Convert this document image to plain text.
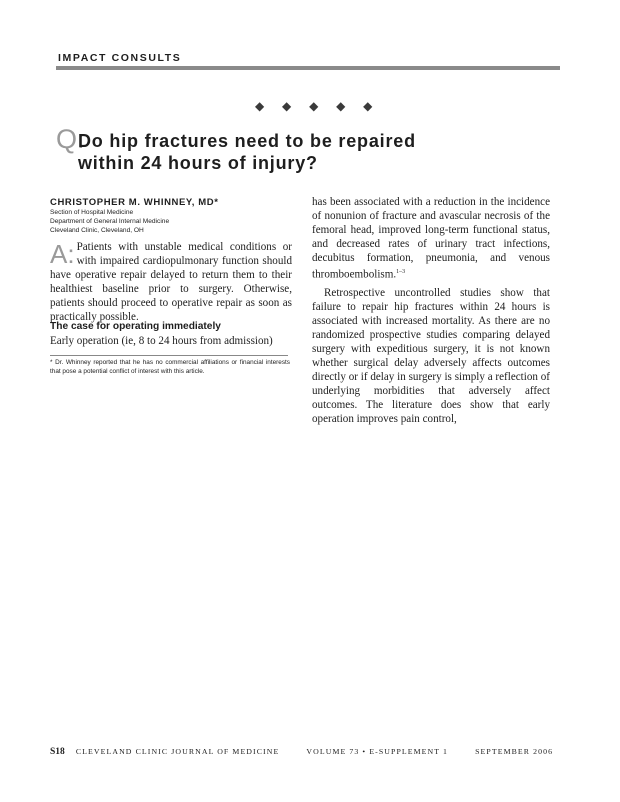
IMPACT CONSULTS
◆ ◆ ◆ ◆ ◆
Q:
Do hip fractures need to be repaired within 24 hours of injury?
CHRISTOPHER M. WHINNEY, MD*
Section of Hospital Medicine
Department of General Internal Medicine
Cleveland Clinic, Cleveland, OH
A: Patients with unstable medical conditions or with impaired cardiopulmonary function should have operative repair delayed to return them to their healthiest baseline prior to surgery. Otherwise, patients should proceed to operative repair as soon as practically possible.

The case for operating immediately

Early operation (ie, 8 to 24 hours from admission)

* Dr. Whinney reported that he has no commercial affiliations or financial interests that pose a potential conflict of interest with this article.

has been associated with a reduction in the incidence of nonunion of fracture and avascular necrosis of the femoral head, improved long-term functional status, and decreased rates of urinary tract infections, decubitus formation, pneumonia, and venous thromboembolism.$^{1-3}$

Retrospective uncontrolled studies show that failure to repair hip fractures within 24 hours is associated with increased mortality. As there are no randomized prospective studies comparing delayed surgery with expeditious surgery, it is not known whether surgical delay adversely affects outcomes directly or if delay in surgery is simply a reflection of underlying morbidities that adversely affect outcomes. The literature does show that early operation improves pain control,

S18 CLEVELAND CLINIC JOURNAL OF MEDICINE	VOLUME 73 • E-SUPPLEMENT 1	SEPTEMBER 2006
